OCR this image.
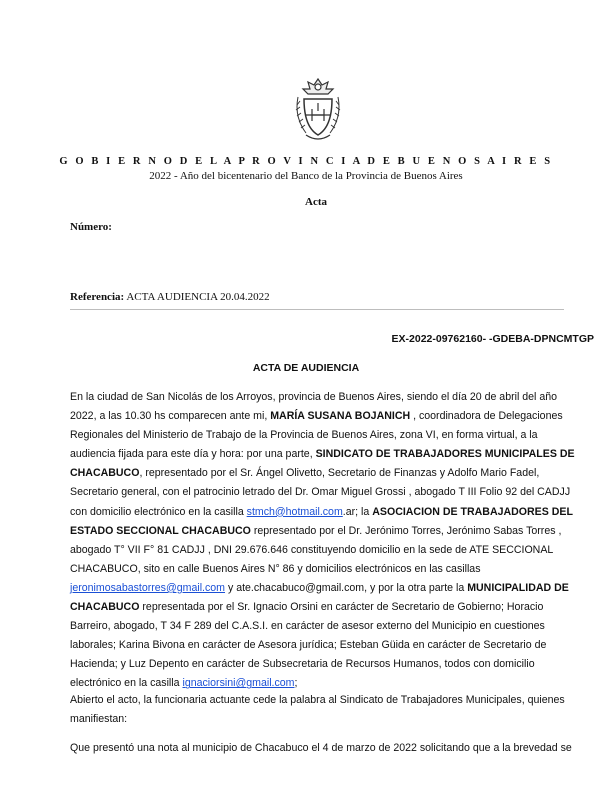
G O B I E R N O D E L A P R O V I N C I A D E B U E N O S A I R E S
2022 - Año del bicentenario del Banco de la Provincia de Buenos Aires
Acta
Número:
Referencia: ACTA AUDIENCIA 20.04.2022
EX-2022-09762160- -GDEBA-DPNCMTGP
ACTA DE AUDIENCIA
En la ciudad de San Nicolás de los Arroyos, provincia de Buenos Aires, siendo el día 20 de abril del año
2022, a las 10.30 hs comparecen ante mi, MARÍA SUSANA BOJANICH , coordinadora de Delegaciones
Regionales del Ministerio de Trabajo de la Provincia de Buenos Aires, zona VI, en forma virtual, a la
audiencia fijada para este día y hora: por una parte, SINDICATO DE TRABAJADORES MUNICIPALES DE
CHACABUCO, representado por el Sr. Ángel Olivetto, Secretario de Finanzas y Adolfo Mario Fadel,
Secretario general, con el patrocinio letrado del Dr. Omar Miguel Grossi , abogado T III Folio 92 del CADJJ
con domicilio electrónico en la casilla stmch@hotmail.com.ar; la ASOCIACION DE TRABAJADORES DEL
ESTADO SECCIONAL CHACABUCO representado por el Dr. Jerónimo Torres, Jerónimo Sabas Torres ,
abogado T° VII F° 81 CADJJ , DNI 29.676.646 constituyendo domicilio en la sede de ATE SECCIONAL
CHACABUCO, sito en calle Buenos Aires N° 86 y domicilios electrónicos en las casillas
jeronimosabastorres@gmail.com y ate.chacabuco@gmail.com, y por la otra parte la MUNICIPALIDAD DE
CHACABUCO representada por el Sr. Ignacio Orsini en carácter de Secretario de Gobierno; Horacio
Barreiro, abogado, T 34 F 289 del C.A.S.I. en carácter de asesor externo del Municipio en cuestiones
laborales; Karina Bivona en carácter de Asesora jurídica; Esteban Güida en carácter de Secretario de
Hacienda; y Luz Depento en carácter de Subsecretaria de Recursos Humanos, todos con domicilio
electrónico en la casilla ignaciorsini@gmail.com;
Abierto el acto, la funcionaria actuante cede la palabra al Sindicato de Trabajadores Municipales, quienes
manifiestan:
Que presentó una nota al municipio de Chacabuco el 4 de marzo de 2022 solicitando que a la brevedad se
